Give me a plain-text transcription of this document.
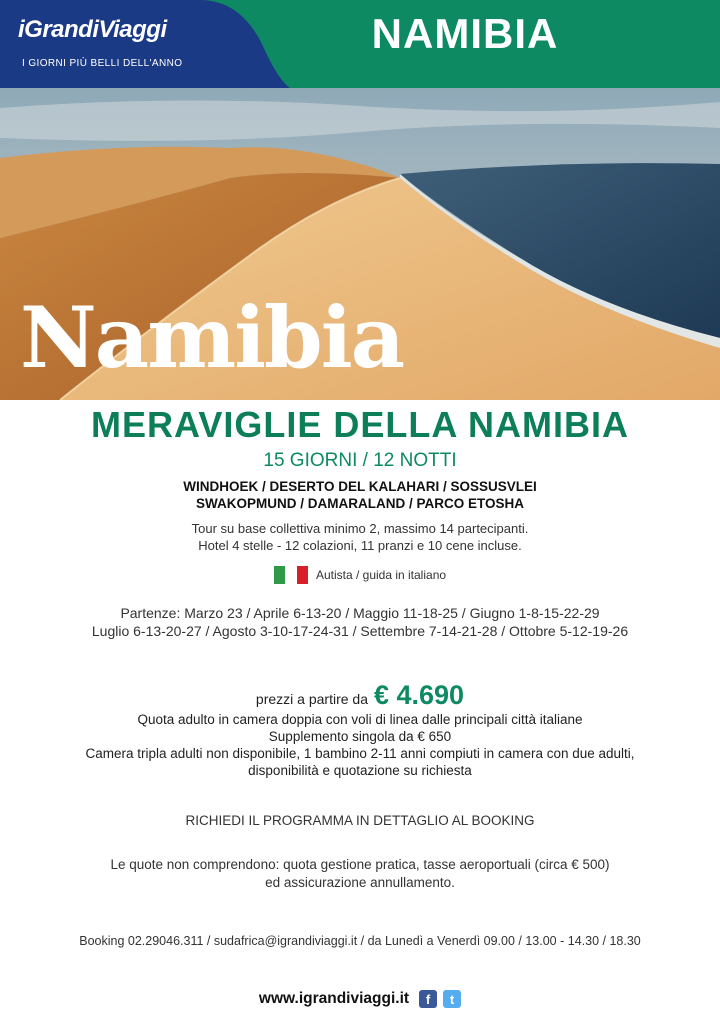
iGrandiViaggi
I GIORNI PIÙ BELLI DELL'ANNO
NAMIBIA
Namibia
MERAVIGLIE DELLA NAMIBIA
15 GIORNI / 12 NOTTI
WINDHOEK / DESERTO DEL KALAHARI / SOSSUSVLEI
SWAKOPMUND / DAMARALAND / PARCO ETOSHA
Tour su base collettiva minimo 2, massimo 14 partecipanti.
Hotel 4 stelle - 12 colazioni, 11 pranzi e 10 cene incluse.
Autista / guida in italiano
Partenze: Marzo 23 / Aprile 6-13-20 / Maggio 11-18-25 / Giugno 1-8-15-22-29
Luglio 6-13-20-27 / Agosto 3-10-17-24-31 / Settembre 7-14-21-28 / Ottobre 5-12-19-26
prezzi a partire da € 4.690
Quota adulto in camera doppia con voli di linea dalle principali città italiane
Supplemento singola da € 650
Camera tripla adulti non disponibile, 1 bambino 2-11 anni compiuti in camera con due adulti,
disponibilità e quotazione su richiesta
RICHIEDI IL PROGRAMMA IN DETTAGLIO AL BOOKING
Le quote non comprendono: quota gestione pratica, tasse aeroportuali (circa € 500)
ed assicurazione annullamento.
Booking 02.29046.311 / sudafrica@igrandiviaggi.it / da Lunedì a Venerdì 09.00 / 13.00 - 14.30 / 18.30
www.igrandiviaggi.it	f	t
